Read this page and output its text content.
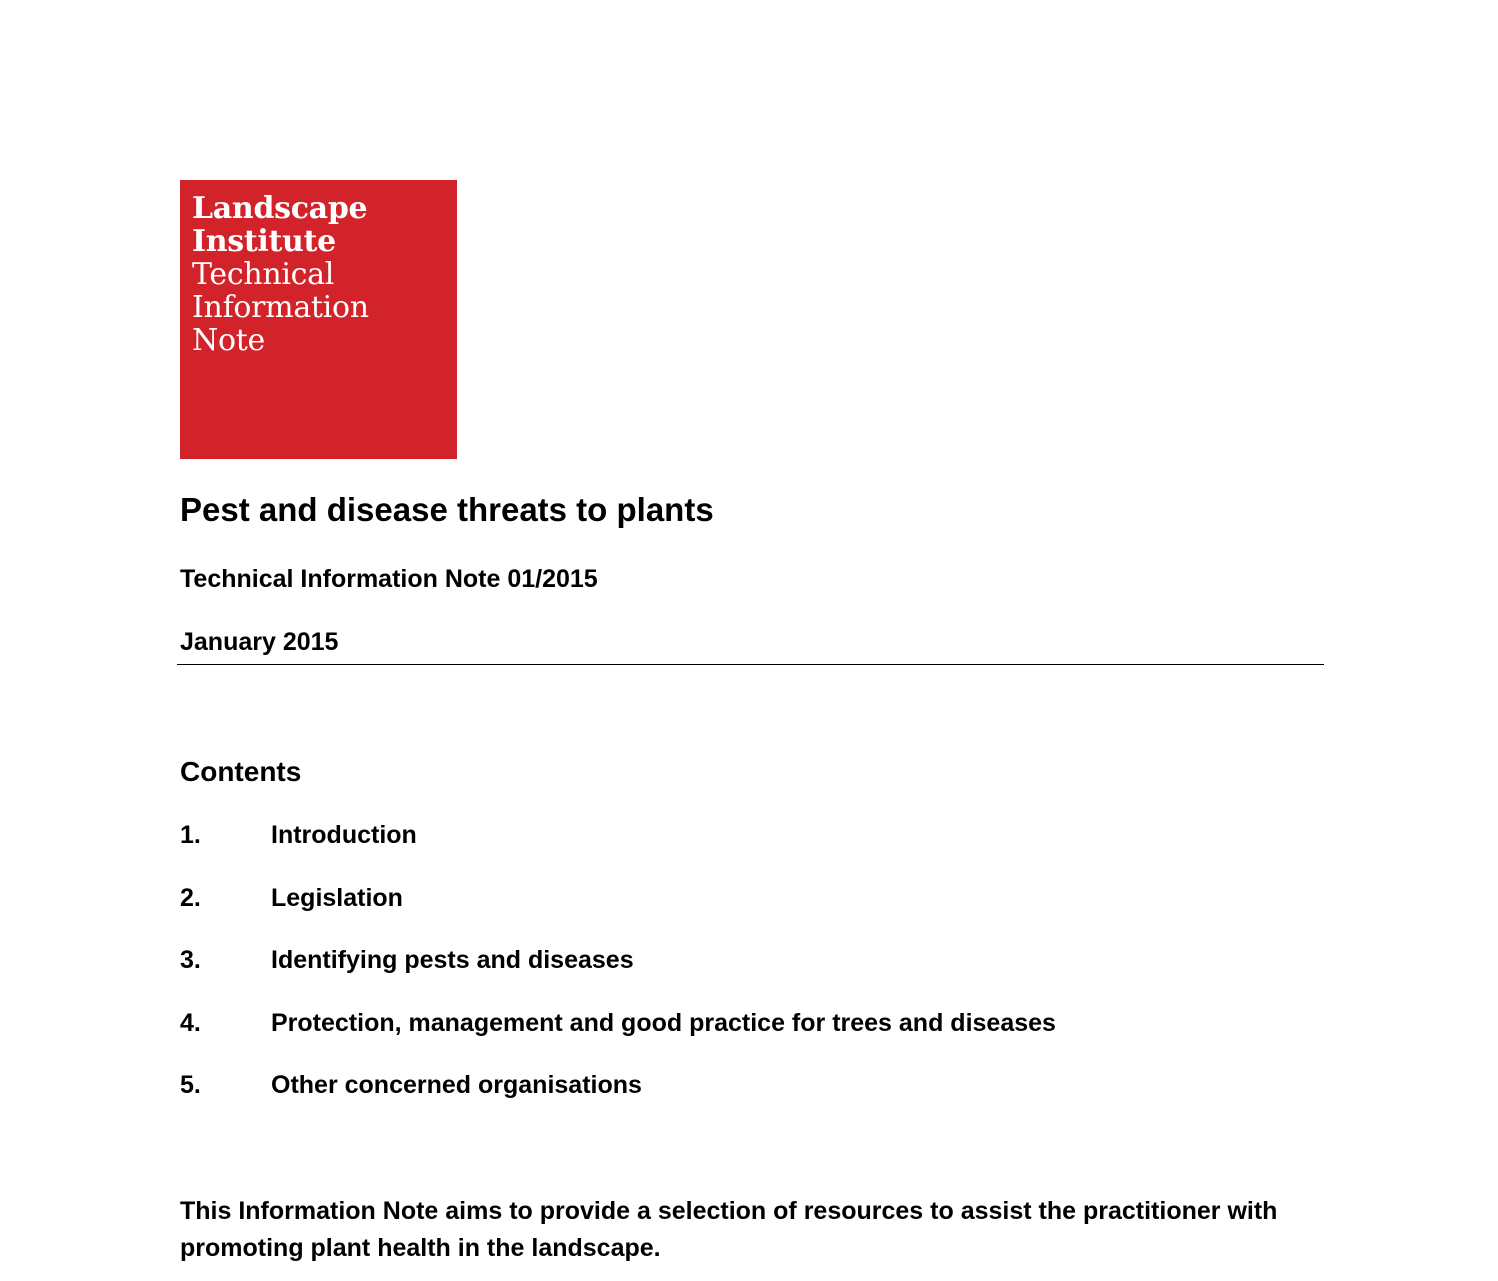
Landscape
Institute
Technical
Information
Note
Pest and disease threats to plants
Technical Information Note 01/2015
January 2015
Contents
1.	Introduction
2.	Legislation
3.	Identifying pests and diseases
4.	Protection, management and good practice for trees and diseases
5.	Other concerned organisations

This Information Note aims to provide a selection of resources to assist the practitioner with promoting plant health in the landscape.
